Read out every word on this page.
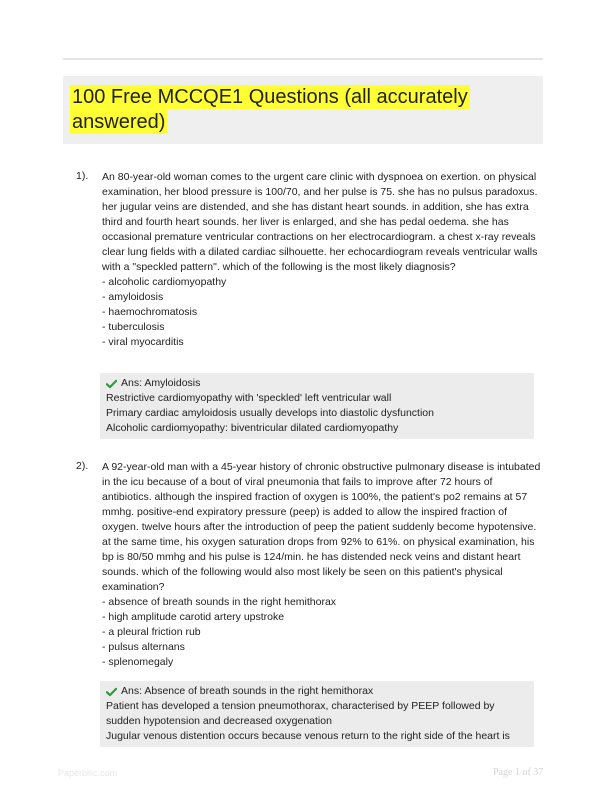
100 Free MCCQE1 Questions (all accurately answered)
1). An 80-year-old woman comes to the urgent care clinic with dyspnoea on exertion. on physical examination, her blood pressure is 100/70, and her pulse is 75. she has no pulsus paradoxus. her jugular veins are distended, and she has distant heart sounds. in addition, she has extra third and fourth heart sounds. her liver is enlarged, and she has pedal oedema. she has occasional premature ventricular contractions on her electrocardiogram. a chest x-ray reveals clear lung fields with a dilated cardiac silhouette. her echocardiogram reveals ventricular walls with a "speckled pattern". which of the following is the most likely diagnosis?

- alcoholic cardiomyopathy
- amyloidosis
- haemochromatosis
- tuberculosis
- viral myocarditis
Ans: Amyloidosis

Restrictive cardiomyopathy with 'speckled' left ventricular wall

Primary cardiac amyloidosis usually develops into diastolic dysfunction

Alcoholic cardiomyopathy: biventricular dilated cardiomyopathy

2). A 92-year-old man with a 45-year history of chronic obstructive pulmonary disease is intubated in the icu because of a bout of viral pneumonia that fails to improve after 72 hours of antibiotics. although the inspired fraction of oxygen is 100%, the patient's po2 remains at 57 mmhg. positive-end expiratory pressure (peep) is added to allow the inspired fraction of oxygen. twelve hours after the introduction of peep the patient suddenly become hypotensive. at the same time, his oxygen saturation drops from 92% to 61%. on physical examination, his bp is 80/50 mmhg and his pulse is 124/min. he has distended neck veins and distant heart sounds. which of the following would also most likely be seen on this patient's physical examination?

- absence of breath sounds in the right hemithorax
- high amplitude carotid artery upstroke
- a pleural friction rub
- pulsus alternans
- splenomegaly
Ans: Absence of breath sounds in the right hemithorax

Patient has developed a tension pneumothorax, characterised by PEEP followed by sudden hypotension and decreased oxygenation

Jugular venous distention occurs because venous return to the right side of the heart is

Paperbliic.com	Page 1 of 37
